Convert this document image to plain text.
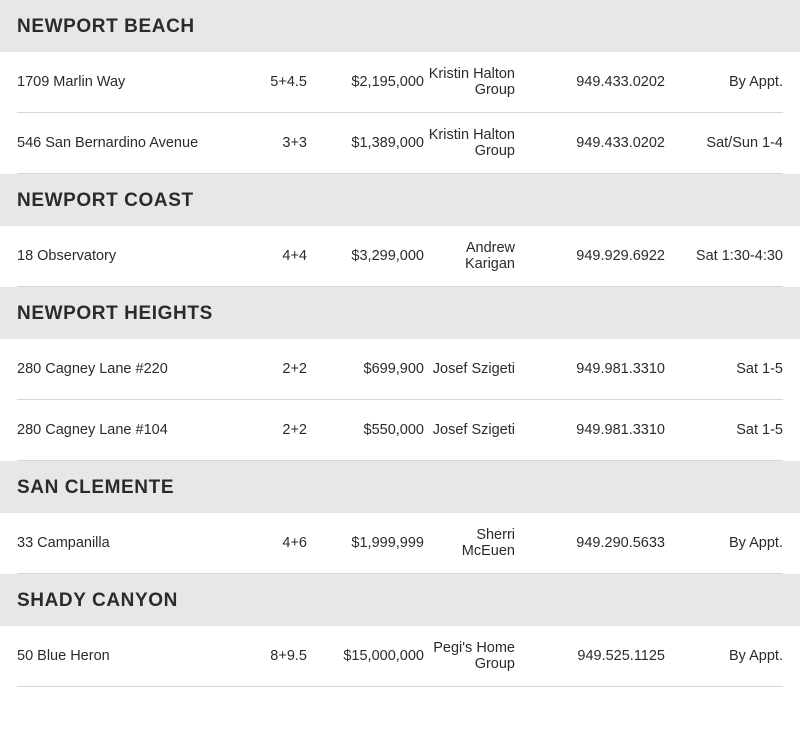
NEWPORT BEACH
1709 Marlin Way	5+4.5	$2,195,000 Kristin Halton Group	949.433.0202	By Appt.
546 San Bernardino Avenue	3+3	$1,389,000 Kristin Halton Group	949.433.0202	Sat/Sun 1-4
NEWPORT COAST
18 Observatory	4+4	$3,299,000	Andrew Karigan	949.929.6922	Sat 1:30-4:30
NEWPORT HEIGHTS
280 Cagney Lane #220	2+2	$699,900 Josef Szigeti	949.981.3310	Sat 1-5
280 Cagney Lane #104	2+2	$550,000 Josef Szigeti	949.981.3310	Sat 1-5
SAN CLEMENTE
33 Campanilla	4+6	$1,999,999	Sherri McEuen	949.290.5633	By Appt.
SHADY CANYON
50 Blue Heron	8+9.5	$15,000,000 Pegi's Home Group	949.525.1125	By Appt.
